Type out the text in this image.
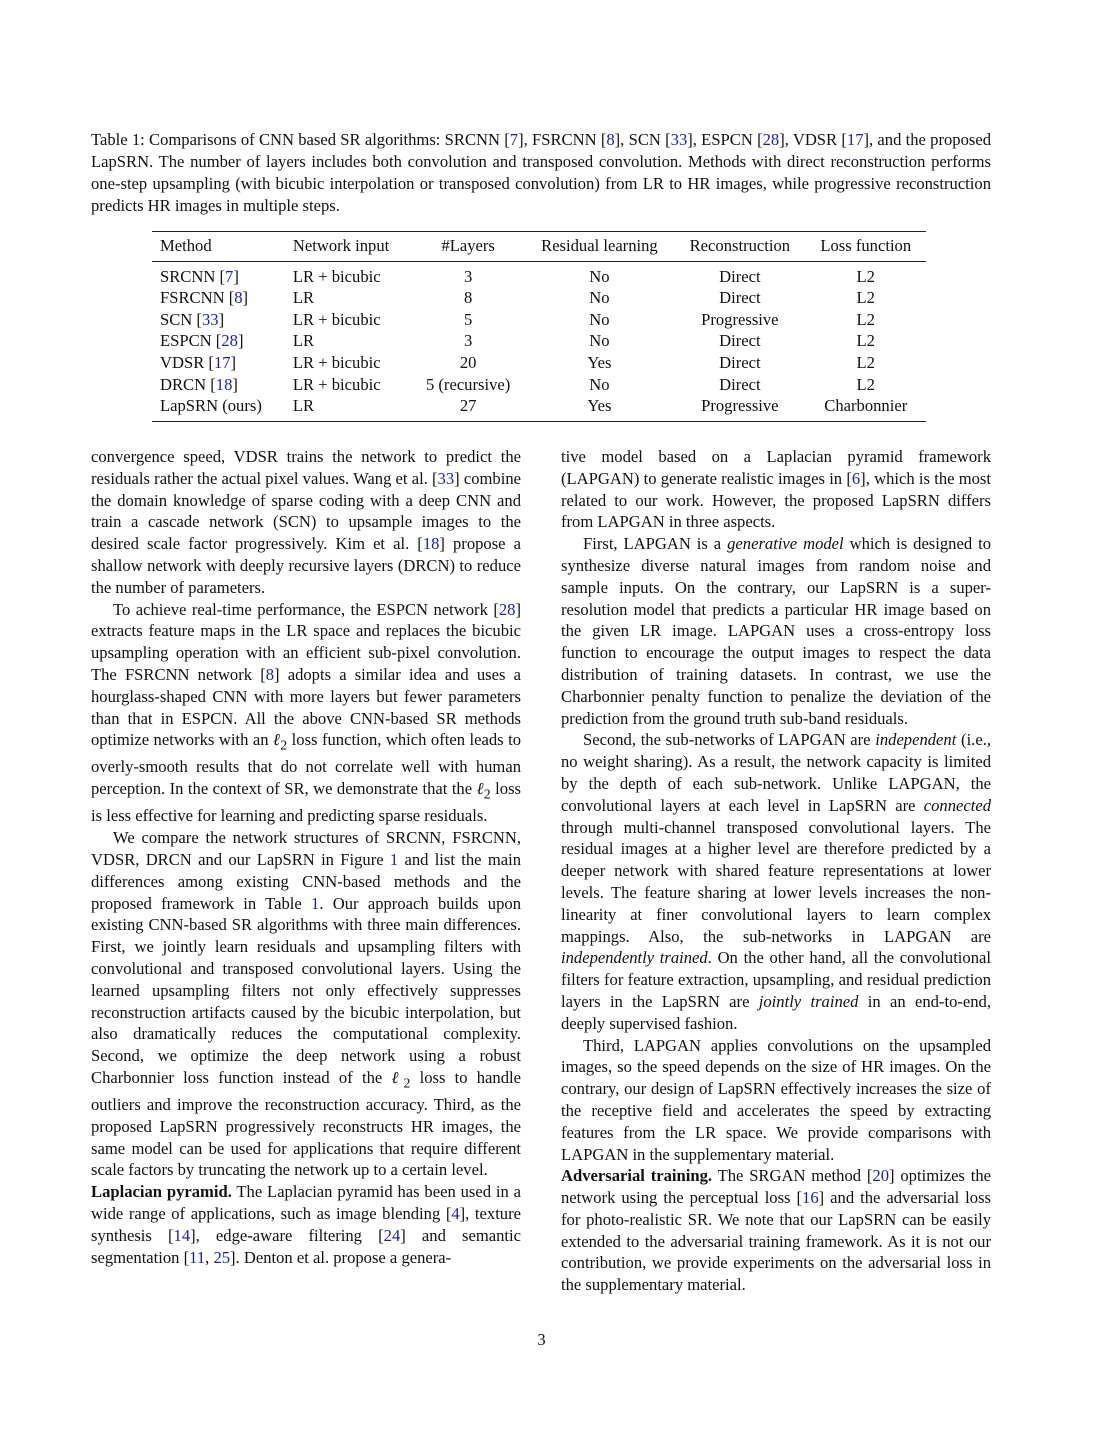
Table 1: Comparisons of CNN based SR algorithms: SRCNN [7], FSRCNN [8], SCN [33], ESPCN [28], VDSR [17], and the proposed LapSRN. The number of layers includes both convolution and transposed convolution. Methods with direct reconstruction performs one-step upsampling (with bicubic interpolation or transposed convolution) from LR to HR images, while progressive reconstruction predicts HR images in multiple steps.
Method	Network input	#Layers	Residual learning	Reconstruction	Loss function
SRCNN [7]	LR + bicubic	3	No	Direct	L2
FSRCNN [8]	LR	8	No	Direct	L2
SCN [33]	LR + bicubic	5	No	Progressive	L2
ESPCN [28]	LR	3	No	Direct	L2
VDSR [17]	LR + bicubic	20	Yes	Direct	L2
DRCN [18]	LR + bicubic	5 (recursive)	No	Direct	L2
LapSRN (ours)	LR	27	Yes	Progressive	Charbonnier

convergence speed, VDSR trains the network to predict the residuals rather the actual pixel values. Wang et al. [33] combine the domain knowledge of sparse coding with a deep CNN and train a cascade network (SCN) to upsample images to the desired scale factor progressively. Kim et al. [18] propose a shallow network with deeply recursive layers (DRCN) to reduce the number of parameters.

To achieve real-time performance, the ESPCN network [28] extracts feature maps in the LR space and replaces the bicubic upsampling operation with an efficient sub-pixel convolution. The FSRCNN network [8] adopts a similar idea and uses a hourglass-shaped CNN with more layers but fewer parameters than that in ESPCN. All the above CNN-based SR methods optimize networks with an ℓ$_2$ loss function, which often leads to overly-smooth results that do not correlate well with human perception. In the context of SR, we demonstrate that the ℓ$_2$ loss is less effective for learning and predicting sparse residuals.

We compare the network structures of SRCNN, FSRCNN, VDSR, DRCN and our LapSRN in Figure 1 and list the main differences among existing CNN-based methods and the proposed framework in Table 1. Our approach builds upon existing CNN-based SR algorithms with three main differences. First, we jointly learn residuals and upsampling filters with convolutional and transposed convolutional layers. Using the learned upsampling filters not only effectively suppresses reconstruction artifacts caused by the bicubic interpolation, but also dramatically reduces the computational complexity. Second, we optimize the deep network using a robust Charbonnier loss function instead of the ℓ$_2$ loss to handle outliers and improve the reconstruction accuracy. Third, as the proposed LapSRN progressively reconstructs HR images, the same model can be used for applications that require different scale factors by truncating the network up to a certain level.

Laplacian pyramid. The Laplacian pyramid has been used in a wide range of applications, such as image blending [4], texture synthesis [14], edge-aware filtering [24] and semantic segmentation [11, 25]. Denton et al. propose a genera-

tive model based on a Laplacian pyramid framework (LAPGAN) to generate realistic images in [6], which is the most related to our work. However, the proposed LapSRN differs from LAPGAN in three aspects.

First, LAPGAN is a generative model which is designed to synthesize diverse natural images from random noise and sample inputs. On the contrary, our LapSRN is a super-resolution model that predicts a particular HR image based on the given LR image. LAPGAN uses a cross-entropy loss function to encourage the output images to respect the data distribution of training datasets. In contrast, we use the Charbonnier penalty function to penalize the deviation of the prediction from the ground truth sub-band residuals.

Second, the sub-networks of LAPGAN are independent (i.e., no weight sharing). As a result, the network capacity is limited by the depth of each sub-network. Unlike LAPGAN, the convolutional layers at each level in LapSRN are connected through multi-channel transposed convolutional layers. The residual images at a higher level are therefore predicted by a deeper network with shared feature representations at lower levels. The feature sharing at lower levels increases the non-linearity at finer convolutional layers to learn complex mappings. Also, the sub-networks in LAPGAN are independently trained. On the other hand, all the convolutional filters for feature extraction, upsampling, and residual prediction layers in the LapSRN are jointly trained in an end-to-end, deeply supervised fashion.

Third, LAPGAN applies convolutions on the upsampled images, so the speed depends on the size of HR images. On the contrary, our design of LapSRN effectively increases the size of the receptive field and accelerates the speed by extracting features from the LR space. We provide comparisons with LAPGAN in the supplementary material.

Adversarial training. The SRGAN method [20] optimizes the network using the perceptual loss [16] and the adversarial loss for photo-realistic SR. We note that our LapSRN can be easily extended to the adversarial training framework. As it is not our contribution, we provide experiments on the adversarial loss in the supplementary material.

3
